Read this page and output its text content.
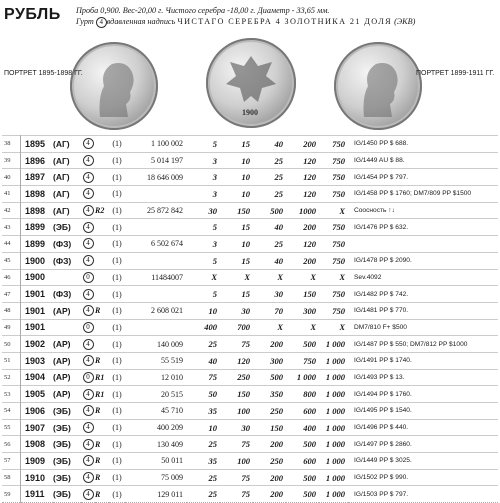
РУБЛЬ Проба 0,900. Вес-20,00 г. Чистого серебра -18,00 г. Диаметр - 33,65 мм.
Гурт 4 вдавленная надпись ЧИСТАГО СЕРЕБРА 4 ЗОЛОТНИКА 21 ДОЛЯ (ЭКВ)
ПОРТРЕТ 1895-1898 ГГ.
1900
ПОРТРЕТ 1899-1911 ГГ.
38	1895	(АГ)	4		(1)	1 100 002	5	15	40	200	750	IG/1450 PP $ 688.
39	1896	(АГ)	4		(1)	5 014 197	3	10	25	120	750	IG/1449 AU $ 88.
40	1897	(АГ)	4		(1)	18 646 009	3	10	25	120	750	IG/1454 PP $ 797.
41	1898	(АГ)	4		(1)		3	10	25	120	750	IG/1458 PP $ 1760; DM7/809 PP $1500
42	1898	(АГ)	4	R2	(1)	25 872 842	30	150	500	1000	X	Соосность ↑↓
43	1899	(ЭБ)	4		(1)		5	15	40	200	750	IG/1476 PP $ 632.
44	1899	(ФЗ)	4		(1)	6 502 674	3	10	25	120	750	
45	1900	(ФЗ)	4		(1)		5	15	40	200	750	IG/1478 PP $ 2090.
46	1900		0		(1)	11484007	X	X	X	X	X	Sev.4092
47	1901	(ФЗ)	4		(1)		5	15	30	150	750	IG/1482 PP $ 742.
48	1901	(АР)	4	R	(1)	2 608 021	10	30	70	300	750	IG/1481 PP $ 770.
49	1901		0		(1)		400	700	X	X	X	DM7/810 F+ $500
50	1902	(АР)	4		(1)	140 009	25	75	200	500	1 000	IG/1487 PP $ 550; DM7/812 PP $1000
51	1903	(АР)	4	R	(1)	55 519	40	120	300	750	1 000	IG/1491 PP $ 1740.
52	1904	(АР)	0	R1	(1)	12 010	75	250	500	1 000	1 000	IG/1493 PP $ 13.
53	1905	(АР)	4	R1	(1)	20 515	50	150	350	800	1 000	IG/1494 PP $ 1760.
54	1906	(ЭБ)	4	R	(1)	45 710	35	100	250	600	1 000	IG/1495 PP $ 1540.
55	1907	(ЭБ)	4		(1)	400 209	10	30	150	400	1 000	IG/1496 PP $ 440.
56	1908	(ЭБ)	4	R	(1)	130 409	25	75	200	500	1 000	IG/1497 PP $ 2860.
57	1909	(ЭБ)	4	R	(1)	50 011	35	100	250	600	1 000	IG/1449 PP $ 3025.
58	1910	(ЭБ)	4	R	(1)	75 009	25	75	200	500	1 000	IG/1502 PP $ 990.
59	1911	(ЭБ)	4	R	(1)	129 011	25	75	200	500	1 000	IG/1503 PP $ 797.
